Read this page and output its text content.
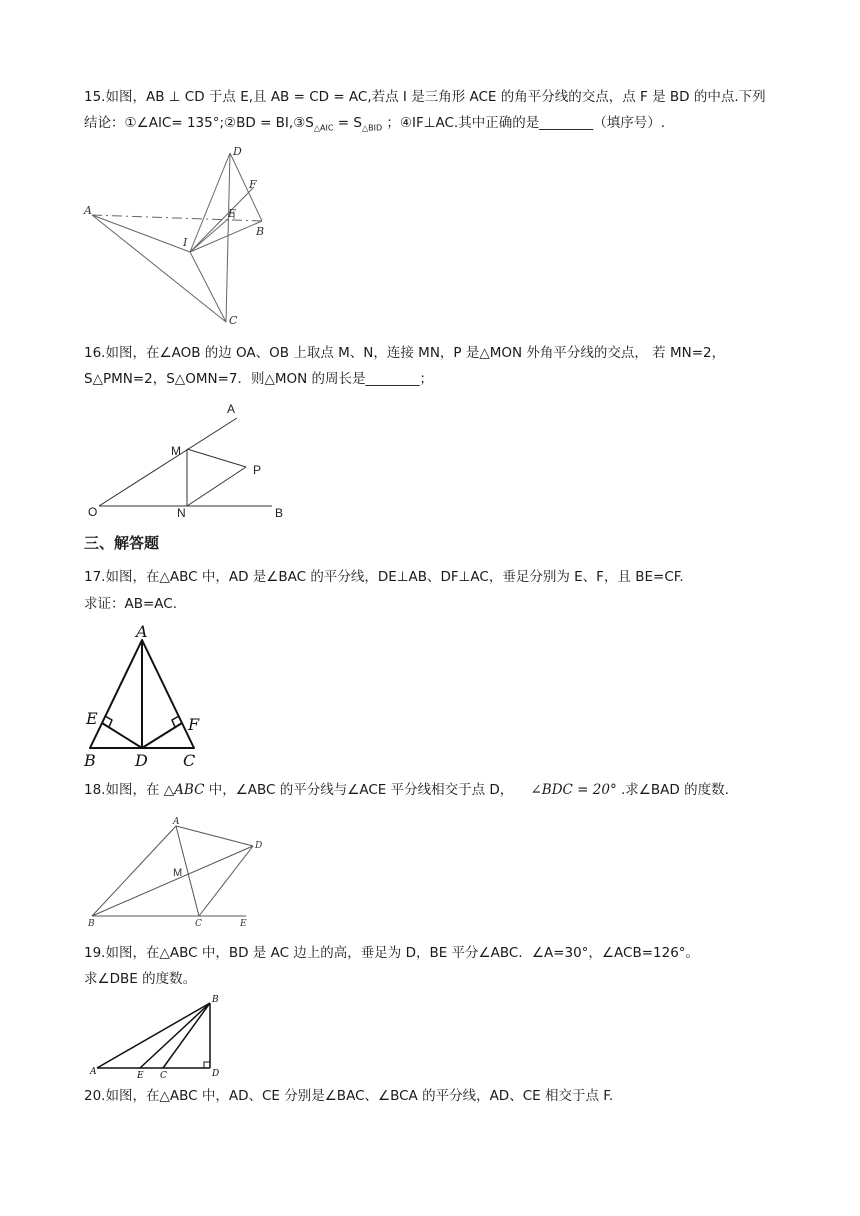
15.如图，AB ⊥ CD 于点 E,且 AB = CD = AC,若点 I 是三角形 ACE 的角平分线的交点，点 F 是 BD 的中点.下列
结论：①∠AIC= 135°;②BD = $BI,③S_{\triangle AIC} = S_{\triangle BID}$ ；④IF⊥AC.其中正确的是________（填序号）.
A
B
C
D
E
F
I
16.如图，在∠AOB 的边 OA、OB 上取点 M、N，连接 MN，P 是△MON 外角平分线的交点， 若 MN=2，
S△PMN=2，S△OMN=7．则△MON 的周长是________；
A
M
P
O	N	B
三、解答题
17.如图，在△ABC 中，AD 是∠BAC 的平分线，DE⊥AB、DF⊥AC，垂足分别为 E、F，且 BE=CF.
求证：AB=AC.
A
E	F
B D C
18.如图，在 △ABC 中，∠ABC 的平分线与∠ACE 平分线相交于点 D， ∠BDC = 20° .求∠BAD 的度数.
A
D
M
B	C	E
19.如图，在△ABC 中，BD 是 AC 边上的高，垂足为 D，BE 平分∠ABC．∠A=30°，∠ACB=126°。
求∠DBE 的度数。
B
A	E C	D
20.如图，在△ABC 中，AD、CE 分别是∠BAC、∠BCA 的平分线，AD、CE 相交于点 F.
